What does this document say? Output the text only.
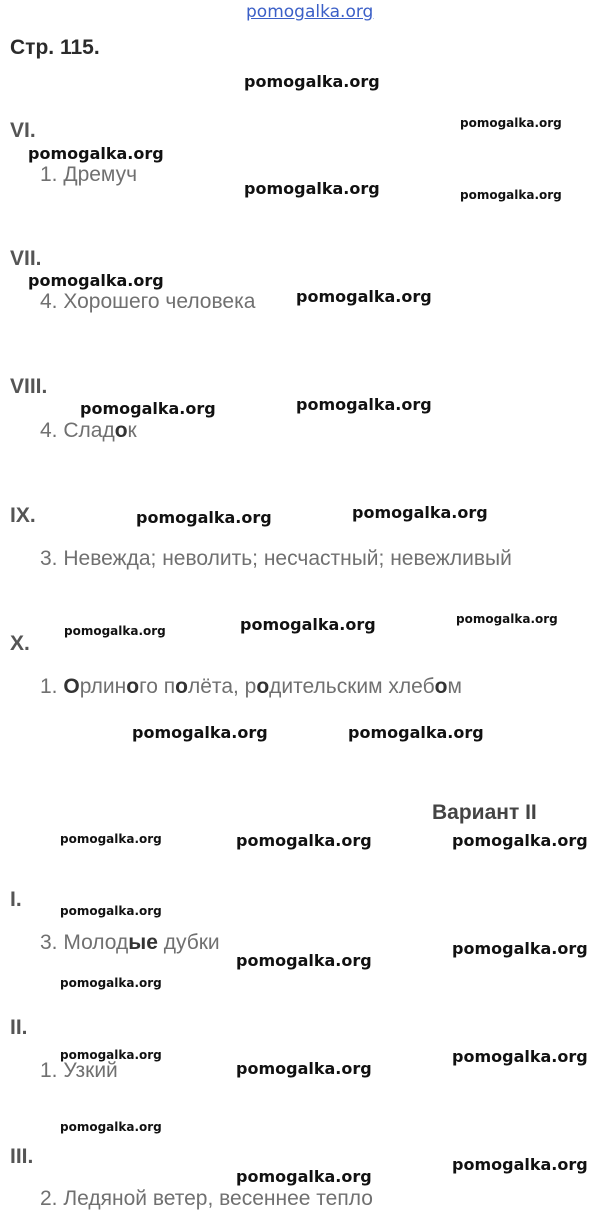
pomogalka.org
Стр. 115.
VI.
1. Дремуч
VII.
4. Хорошего человека
VIII.
4. Сладок
IX.
3. Невежда; неволить; несчастный; невежливый
X.
1. Орлиного полёта, родительским хлебом
Вариант II
I.
3. Молодые дубки
II.
1. Узкий
III.
2. Ледяной ветер, весеннее тепло
pomogalka.org
pomogalka.org
pomogalka.org
pomogalka.org
pomogalka.org
pomogalka.org	pomogalka.org
pomogalka.org	pomogalka.org
pomogalka.org
pomogalka.org	pomogalka.org
pomogalka.org	pomogalka.org
pomogalka.org
pomogalka.org
pomogalka.org
pomogalka.org
pomogalka.org
pomogalka.org
pomogalka.org
pomogalka.org
pomogalka.org
pomogalka.org
pomogalka.org
pomogalka.org
pomogalka.org
pomogalka.org
pomogalka.org
